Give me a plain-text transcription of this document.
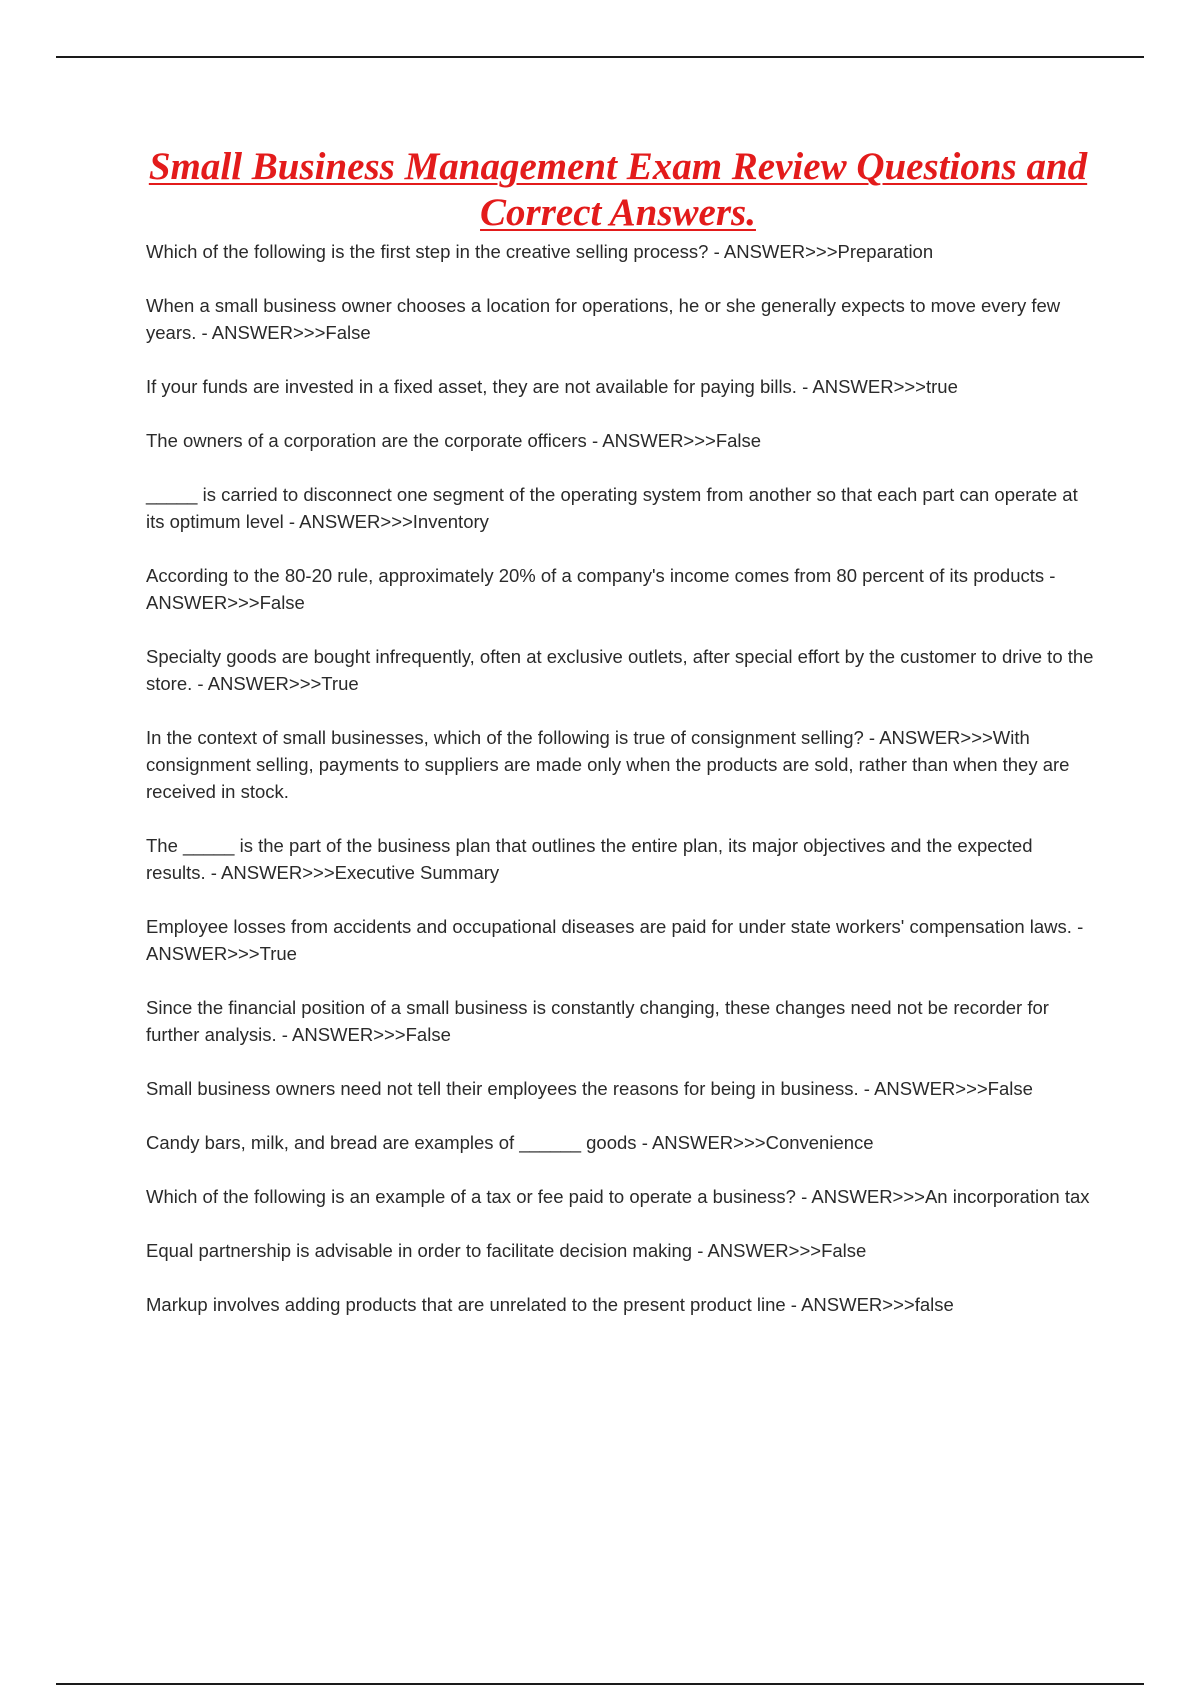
Small Business Management Exam Review Questions and Correct Answers.
Which of the following is the first step in the creative selling process? - ANSWER>>>Preparation
When a small business owner chooses a location for operations, he or she generally expects to move every few years. - ANSWER>>>False
If your funds are invested in a fixed asset, they are not available for paying bills. - ANSWER>>>true
The owners of a corporation are the corporate officers - ANSWER>>>False
_____ is carried to disconnect one segment of the operating system from another so that each part can operate at its optimum level - ANSWER>>>Inventory
According to the 80-20 rule, approximately 20% of a company's income comes from 80 percent of its products - ANSWER>>>False
Specialty goods are bought infrequently, often at exclusive outlets, after special effort by the customer to drive to the store. - ANSWER>>>True
In the context of small businesses, which of the following is true of consignment selling? - ANSWER>>>With consignment selling, payments to suppliers are made only when the products are sold, rather than when they are received in stock.
The _____ is the part of the business plan that outlines the entire plan, its major objectives and the expected results. - ANSWER>>>Executive Summary
Employee losses from accidents and occupational diseases are paid for under state workers' compensation laws. - ANSWER>>>True
Since the financial position of a small business is constantly changing, these changes need not be recorder for further analysis. - ANSWER>>>False
Small business owners need not tell their employees the reasons for being in business. - ANSWER>>>False
Candy bars, milk, and bread are examples of ______ goods - ANSWER>>>Convenience
Which of the following is an example of a tax or fee paid to operate a business? - ANSWER>>>An incorporation tax
Equal partnership is advisable in order to facilitate decision making - ANSWER>>>False
Markup involves adding products that are unrelated to the present product line - ANSWER>>>false
